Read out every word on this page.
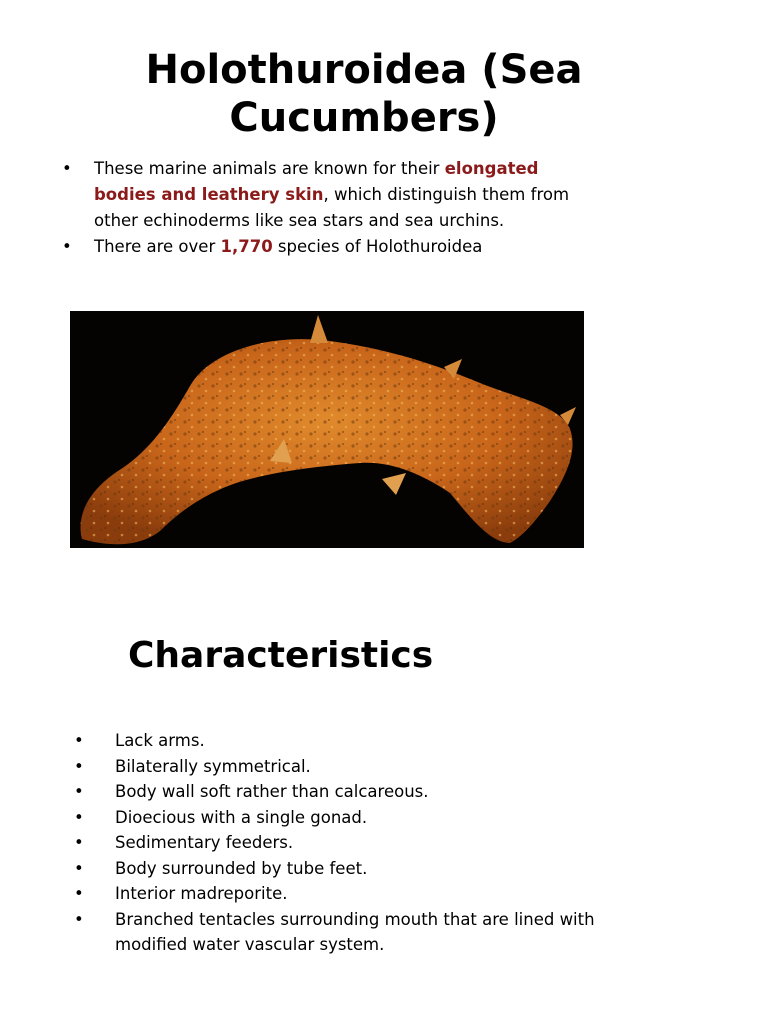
Holothuroidea (Sea Cucumbers)
• These marine animals are known for their elongated bodies and leathery skin, which distinguish them from other echinoderms like sea stars and sea urchins.
• There are over 1,770 species of Holothuroidea
Characteristics
• Lack arms.
• Bilaterally symmetrical.
• Body wall soft rather than calcareous.
• Dioecious with a single gonad.
• Sedimentary feeders.
• Body surrounded by tube feet.
• Interior madreporite.
• Branched tentacles surrounding mouth that are lined with modified water vascular system.
